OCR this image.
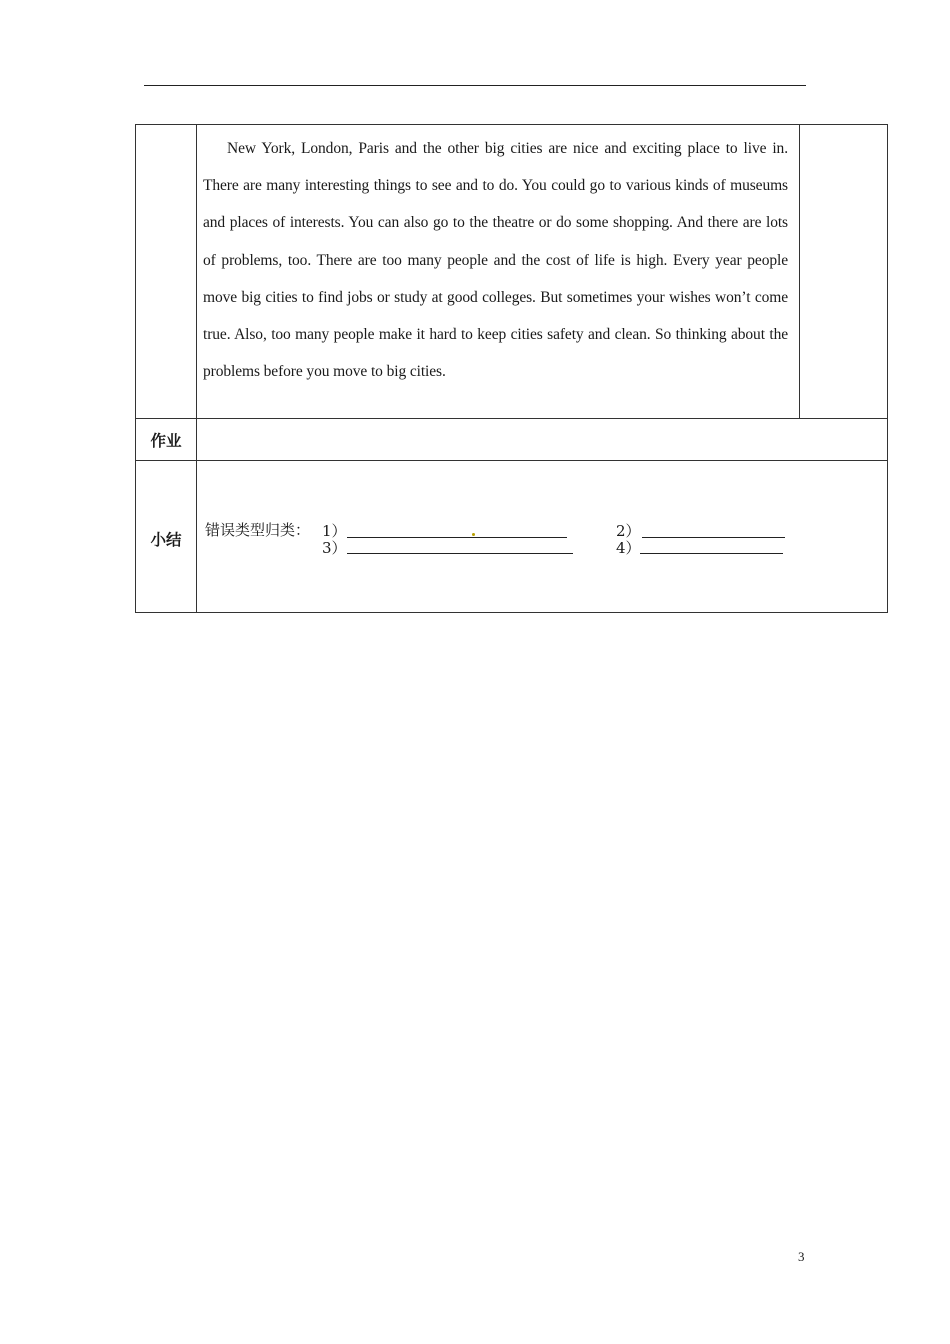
New York, London, Paris and the other big cities are nice and exciting place to live in. There are many interesting things to see and to do. You could go to various kinds of museums and places of interests. You can also go to the theatre or do some shopping. And there are lots of problems, too. There are too many people and the cost of life is high. Every year people move big cities to find jobs or study at good colleges. But sometimes your wishes won’t come true. Also, too many people make it hard to keep cities safety and clean. So thinking about the problems before you move to big cities.

作业
小结
错误类型归类： 1）	2）
3）	4）
3
